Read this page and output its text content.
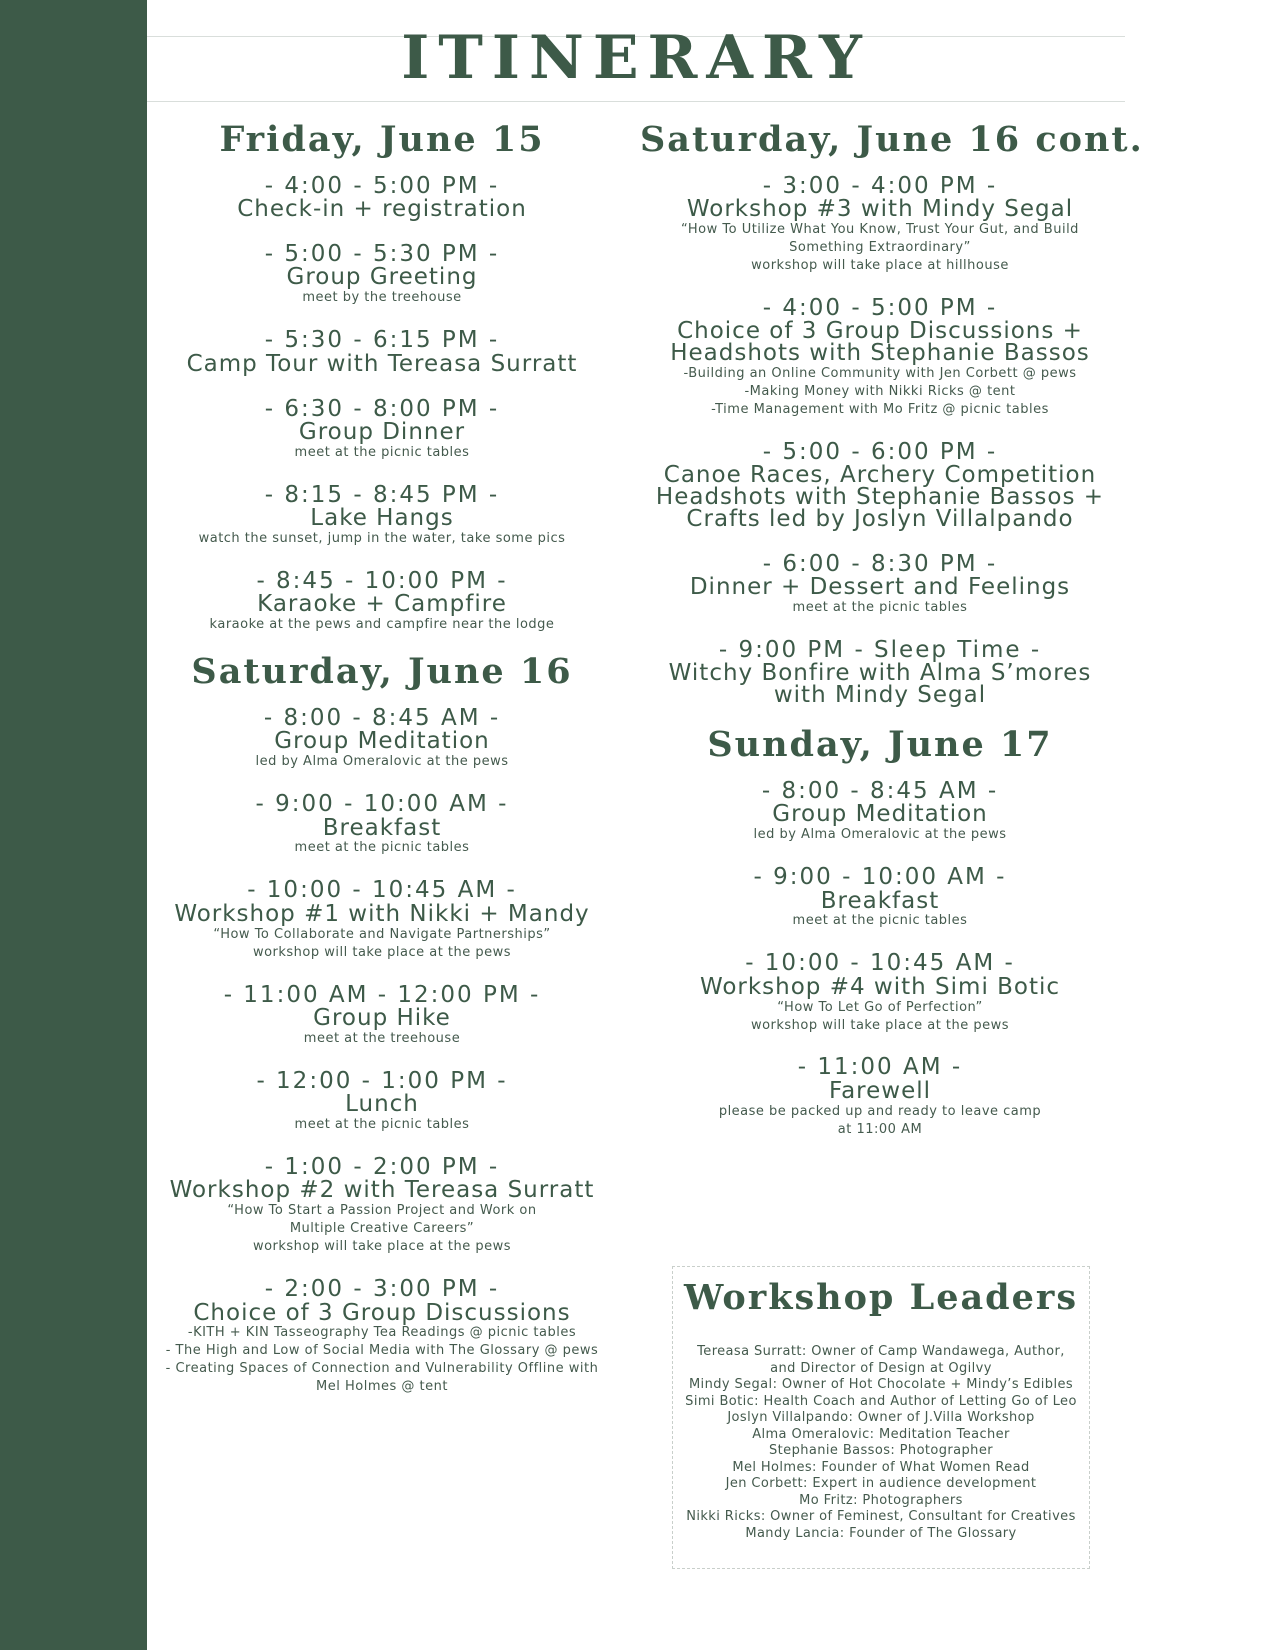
ITINERARY
Friday, June 15
- 4:00 - 5:00 PM -
Check-in + registration
- 5:00 - 5:30 PM -
Group Greeting
meet by the treehouse
- 5:30 - 6:15 PM -
Camp Tour with Tereasa Surratt
- 6:30 - 8:00 PM -
Group Dinner
meet at the picnic tables
- 8:15 - 8:45 PM -
Lake Hangs
watch the sunset, jump in the water, take some pics
- 8:45 - 10:00 PM -
Karaoke + Campfire
karaoke at the pews and campfire near the lodge
Saturday, June 16
- 8:00 - 8:45 AM -
Group Meditation
led by Alma Omeralovic at the pews
- 9:00 - 10:00 AM -
Breakfast
meet at the picnic tables
- 10:00 - 10:45 AM -
Workshop #1 with Nikki + Mandy
“How To Collaborate and Navigate Partnerships”
workshop will take place at the pews
- 11:00 AM - 12:00 PM -
Group Hike
meet at the treehouse
- 12:00 - 1:00 PM -
Lunch
meet at the picnic tables
- 1:00 - 2:00 PM -
Workshop #2 with Tereasa Surratt
“How To Start a Passion Project and Work on
Multiple Creative Careers”
workshop will take place at the pews
- 2:00 - 3:00 PM -
Choice of 3 Group Discussions
-KITH + KIN Tasseography Tea Readings @ picnic tables
- The High and Low of Social Media with The Glossary @ pews
- Creating Spaces of Connection and Vulnerability Offline with
Mel Holmes @ tent
Saturday, June 16 cont.
- 3:00 - 4:00 PM -
Workshop #3 with Mindy Segal
“How To Utilize What You Know, Trust Your Gut, and Build
Something Extraordinary”
workshop will take place at hillhouse
- 4:00 - 5:00 PM -
Choice of 3 Group Discussions + Headshots with Stephanie Bassos
-Building an Online Community with Jen Corbett @ pews
-Making Money with Nikki Ricks @ tent
-Time Management with Mo Fritz @ picnic tables
- 5:00 - 6:00 PM -
Canoe Races, Archery Competition Headshots with Stephanie Bassos + Crafts led by Joslyn Villalpando
- 6:00 - 8:30 PM -
Dinner + Dessert and Feelings
meet at the picnic tables
- 9:00 PM - Sleep Time -
Witchy Bonfire with Alma S’mores with Mindy Segal
Sunday, June 17
- 8:00 - 8:45 AM -
Group Meditation
led by Alma Omeralovic at the pews
- 9:00 - 10:00 AM -
Breakfast
meet at the picnic tables
- 10:00 - 10:45 AM -
Workshop #4 with Simi Botic
“How To Let Go of Perfection”
workshop will take place at the pews
- 11:00 AM -
Farewell
please be packed up and ready to leave camp
at 11:00 AM
Workshop Leaders
Tereasa Surratt: Owner of Camp Wandawega, Author,
and Director of Design at Ogilvy
Mindy Segal: Owner of Hot Chocolate + Mindy’s Edibles
Simi Botic: Health Coach and Author of Letting Go of Leo
Joslyn Villalpando: Owner of J.Villa Workshop
Alma Omeralovic: Meditation Teacher
Stephanie Bassos: Photographer
Mel Holmes: Founder of What Women Read
Jen Corbett: Expert in audience development
Mo Fritz: Photographers
Nikki Ricks: Owner of Feminest, Consultant for Creatives
Mandy Lancia: Founder of The Glossary
